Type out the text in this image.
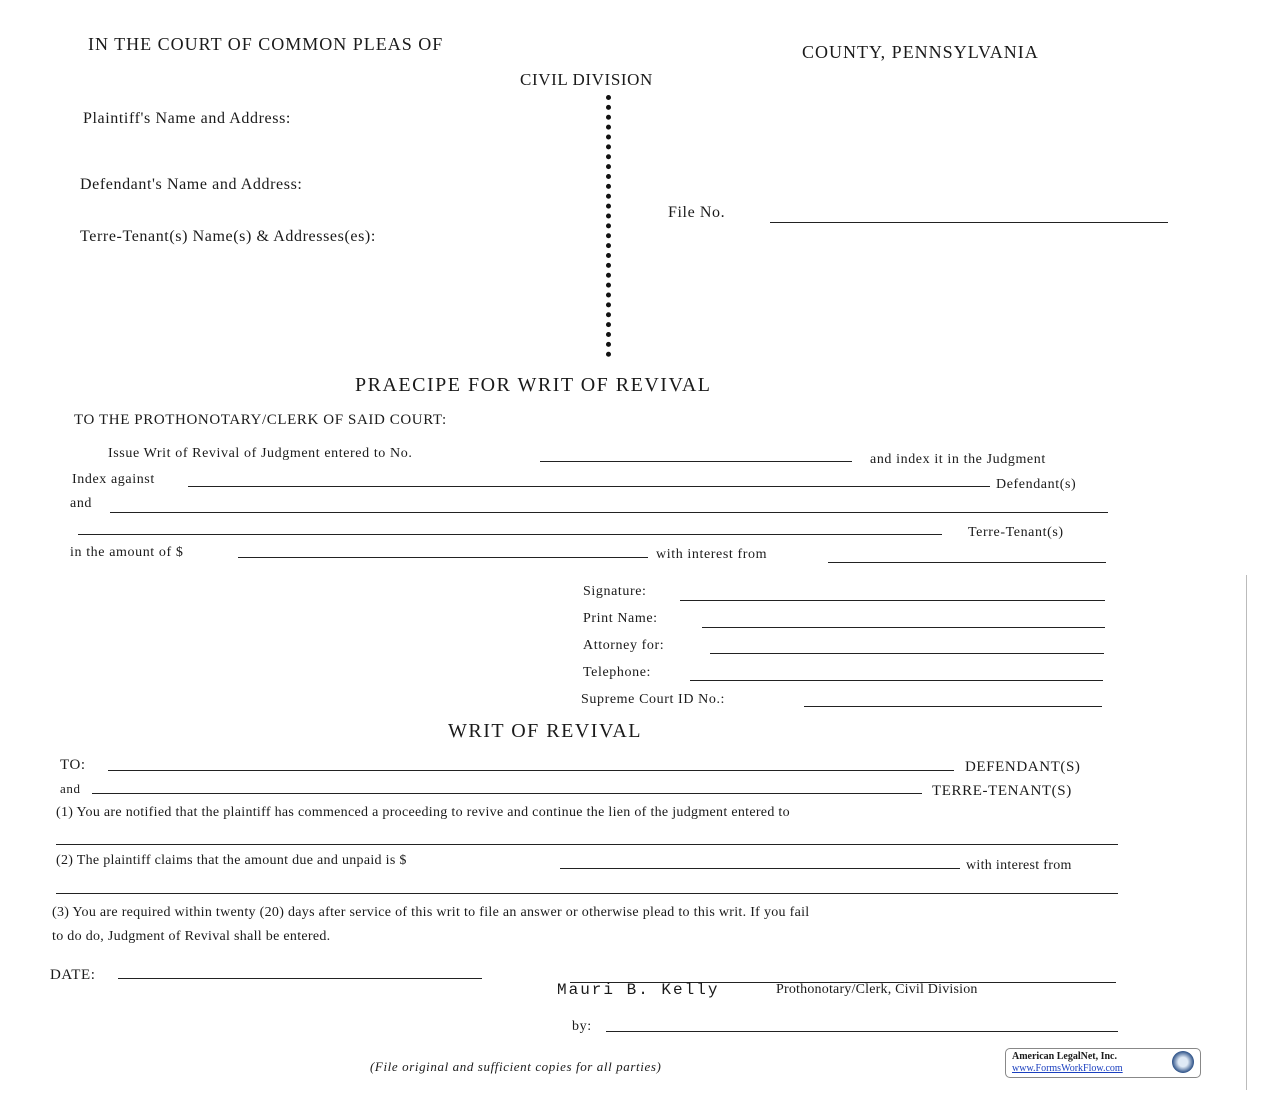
IN THE COURT OF COMMON PLEAS OF	COUNTY, PENNSYLVANIA
CIVIL DIVISION
Plaintiff's Name and Address:
Defendant's Name and Address:
Terre-Tenant(s) Name(s) & Addresses(es):
File No.
PRAECIPE FOR WRIT OF REVIVAL
TO THE PROTHONOTARY/CLERK OF SAID COURT:
Issue Writ of Revival of Judgment entered to No.	and index it in the Judgment
Index against	Defendant(s)
and
Terre-Tenant(s)
in the amount of $	with interest from
Signature:
Print Name:
Attorney for:
Telephone:
Supreme Court ID No.:
WRIT OF REVIVAL
TO:	DEFENDANT(S)
and	TERRE-TENANT(S)
(1) You are notified that the plaintiff has commenced a proceeding to revive and continue the lien of the judgment entered to
(2) The plaintiff claims that the amount due and unpaid is $	with interest from
(3) You are required within twenty (20) days after service of this writ to file an answer or otherwise plead to this writ. If you fail
to do do, Judgment of Revival shall be entered.
DATE:
Mauri B. Kelly	Prothonotary/Clerk, Civil Division
by:
(File original and sufficient copies for all parties)
American LegalNet, Inc.
www.FormsWorkFlow.com
